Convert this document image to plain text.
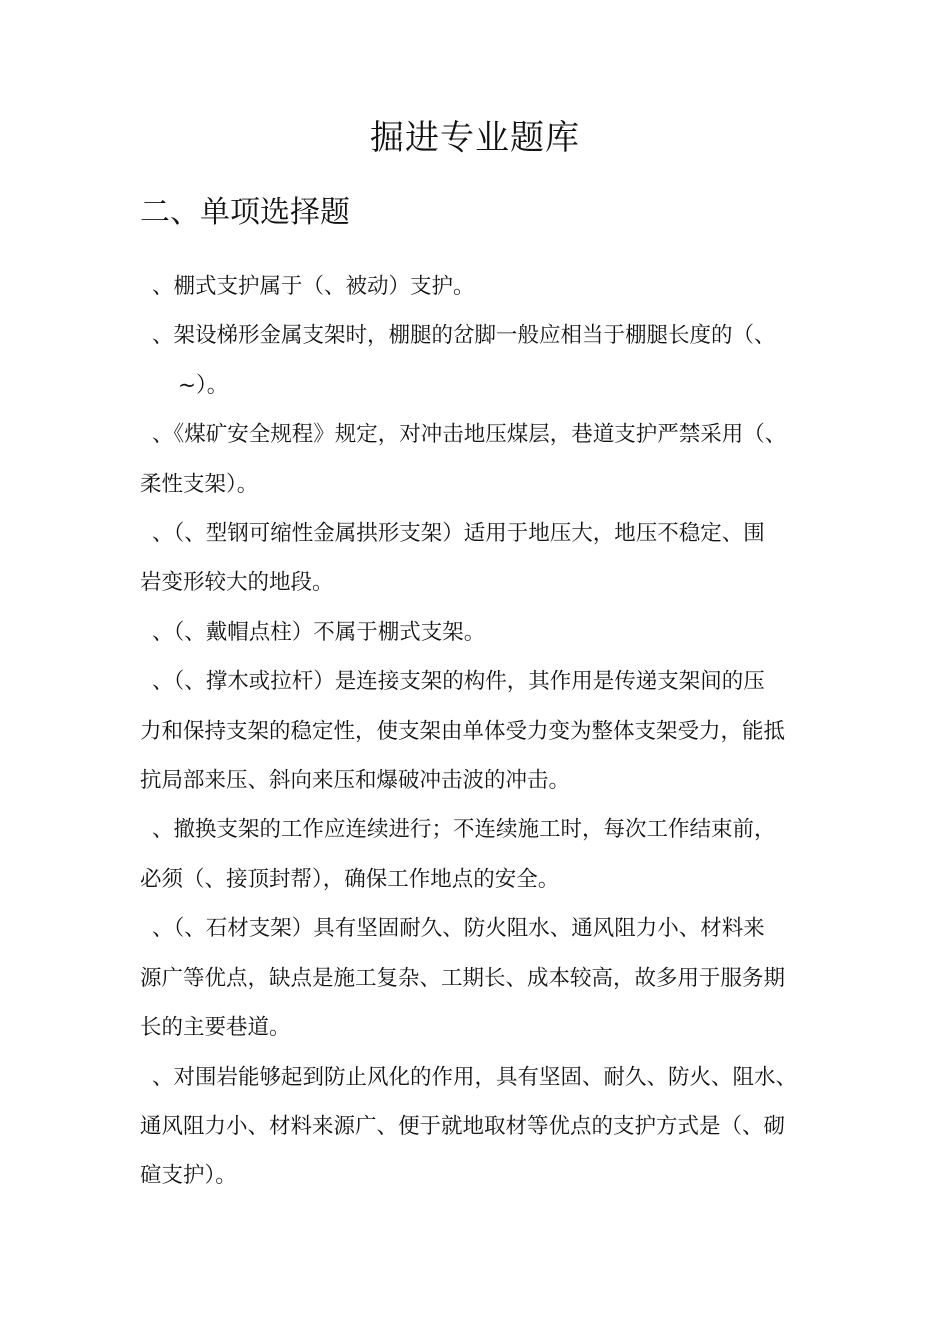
掘进专业题库
二、单项选择题

、棚式支护属于（、被动）支护。

、架设梯形金属支架时，棚腿的岔脚一般应相当于棚腿长度的（、
~）。

、《煤矿安全规程》规定，对冲击地压煤层，巷道支护严禁采用（、
柔性支架）。

、（、型钢可缩性金属拱形支架）适用于地压大，地压不稳定、围
岩变形较大的地段。

、（、戴帽点柱）不属于棚式支架。

、（、撑木或拉杆）是连接支架的构件，其作用是传递支架间的压
力和保持支架的稳定性，使支架由单体受力变为整体支架受力，能抵
抗局部来压、斜向来压和爆破冲击波的冲击。

、撤换支架的工作应连续进行；不连续施工时，每次工作结束前，
必须（、接顶封帮），确保工作地点的安全。

、（、石材支架）具有坚固耐久、防火阻水、通风阻力小、材料来
源广等优点，缺点是施工复杂、工期长、成本较高，故多用于服务期
长的主要巷道。

、对围岩能够起到防止风化的作用，具有坚固、耐久、防火、阻水、
通风阻力小、材料来源广、便于就地取材等优点的支护方式是（、砌
碹支护）。
